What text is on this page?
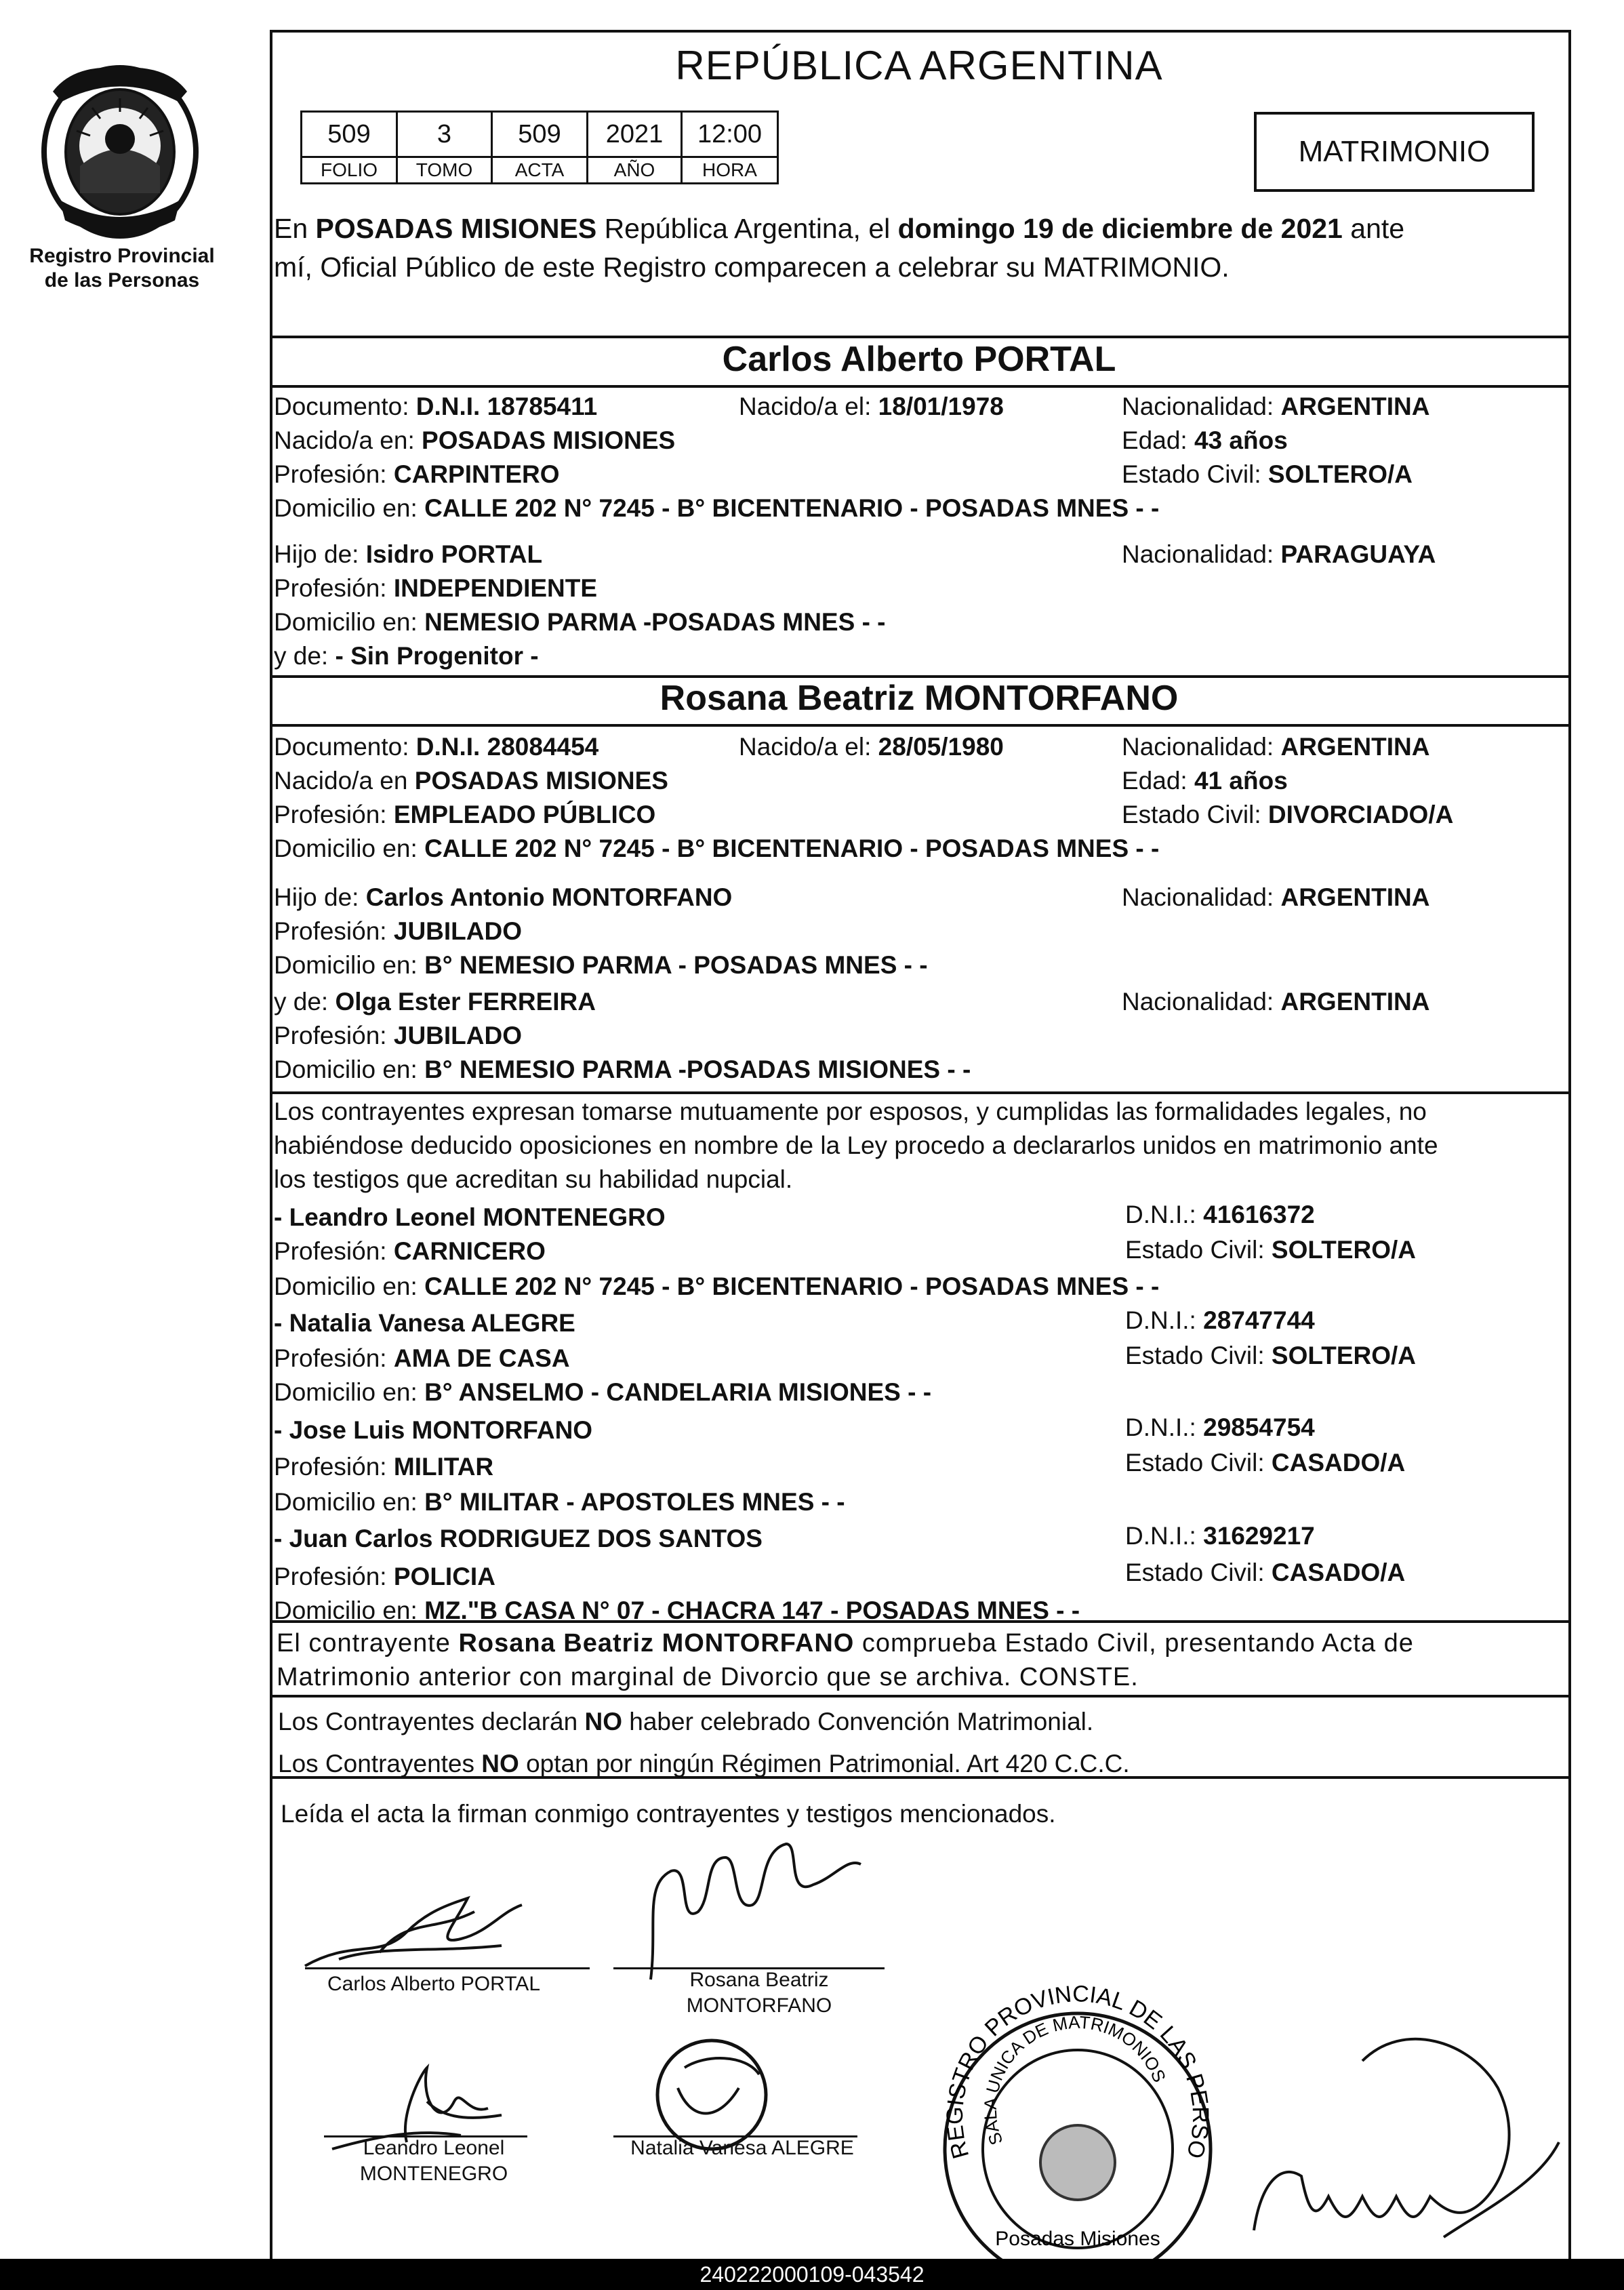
Registro Provincial
de las Personas
REPÚBLICA ARGENTINA
509	3	509	2021	12:00
FOLIO	TOMO	ACTA	AÑO	HORA
MATRIMONIO
En POSADAS MISIONES República Argentina, el domingo 19 de diciembre de 2021 ante
mí, Oficial Público de este Registro comparecen a celebrar su MATRIMONIO.
Carlos Alberto PORTAL
Documento: D.N.I. 18785411	Nacido/a el: 18/01/1978	Nacionalidad: ARGENTINA
Nacido/a en: POSADAS MISIONES	Edad: 43 años
Profesión: CARPINTERO	Estado Civil: SOLTERO/A
Domicilio en: CALLE 202 N° 7245 - B° BICENTENARIO - POSADAS MNES - -
Hijo de: Isidro PORTAL	Nacionalidad: PARAGUAYA
Profesión: INDEPENDIENTE
Domicilio en: NEMESIO PARMA -POSADAS MNES - -
y de: - Sin Progenitor -
Rosana Beatriz MONTORFANO
Documento: D.N.I. 28084454	Nacido/a el: 28/05/1980	Nacionalidad: ARGENTINA
Nacido/a en POSADAS MISIONES	Edad: 41 años
Profesión: EMPLEADO PÚBLICO	Estado Civil: DIVORCIADO/A
Domicilio en: CALLE 202 N° 7245 - B° BICENTENARIO - POSADAS MNES - -
Hijo de: Carlos Antonio MONTORFANO	Nacionalidad: ARGENTINA
Profesión: JUBILADO
Domicilio en: B° NEMESIO PARMA - POSADAS MNES - -
y de: Olga Ester FERREIRA	Nacionalidad: ARGENTINA
Profesión: JUBILADO
Domicilio en: B° NEMESIO PARMA -POSADAS MISIONES - -
Los contrayentes expresan tomarse mutuamente por esposos, y cumplidas las formalidades legales, no
habiéndose deducido oposiciones en nombre de la Ley procedo a declararlos unidos en matrimonio ante
los testigos que acreditan su habilidad nupcial.
- Leandro Leonel MONTENEGRO	D.N.I.: 41616372
Profesión: CARNICERO	Estado Civil: SOLTERO/A
Domicilio en: CALLE 202 N° 7245 - B° BICENTENARIO - POSADAS MNES - -
- Natalia Vanesa ALEGRE	D.N.I.: 28747744
Profesión: AMA DE CASA	Estado Civil: SOLTERO/A
Domicilio en: B° ANSELMO - CANDELARIA MISIONES - -
- Jose Luis MONTORFANO	D.N.I.: 29854754
Profesión: MILITAR	Estado Civil: CASADO/A
Domicilio en: B° MILITAR - APOSTOLES MNES - -
- Juan Carlos RODRIGUEZ DOS SANTOS	D.N.I.: 31629217
Profesión: POLICIA	Estado Civil: CASADO/A
Domicilio en: MZ."B CASA N° 07 - CHACRA 147 - POSADAS MNES - -
El contrayente Rosana Beatriz MONTORFANO comprueba Estado Civil, presentando Acta de
Matrimonio anterior con marginal de Divorcio que se archiva. CONSTE.
Los Contrayentes declarán NO haber celebrado Convención Matrimonial.
Los Contrayentes NO optan por ningún Régimen Patrimonial. Art 420 C.C.C.
Leída el acta la firman conmigo contrayentes y testigos mencionados.
Carlos Alberto PORTAL	Rosana Beatriz
MONTORFANO
Leandro Leonel
MONTENEGRO
Natalia Vanesa ALEGRE	REGISTRO PROVINCIAL DE LAS PERSONAS
SALA UNICA DE MATRIMONIOS
Posadas Misiones
240222000109-043542
